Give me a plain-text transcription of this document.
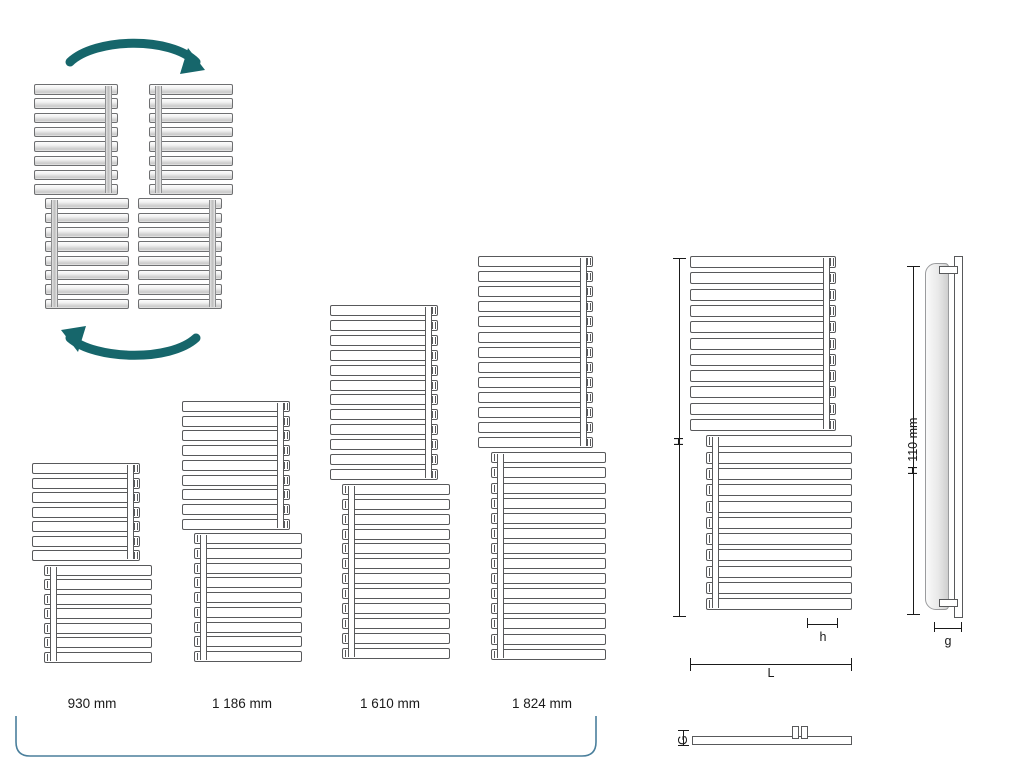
930 mm	1 186 mm	1 610 mm	1 824 mm
H
L
h
H-110 mm
g
G
